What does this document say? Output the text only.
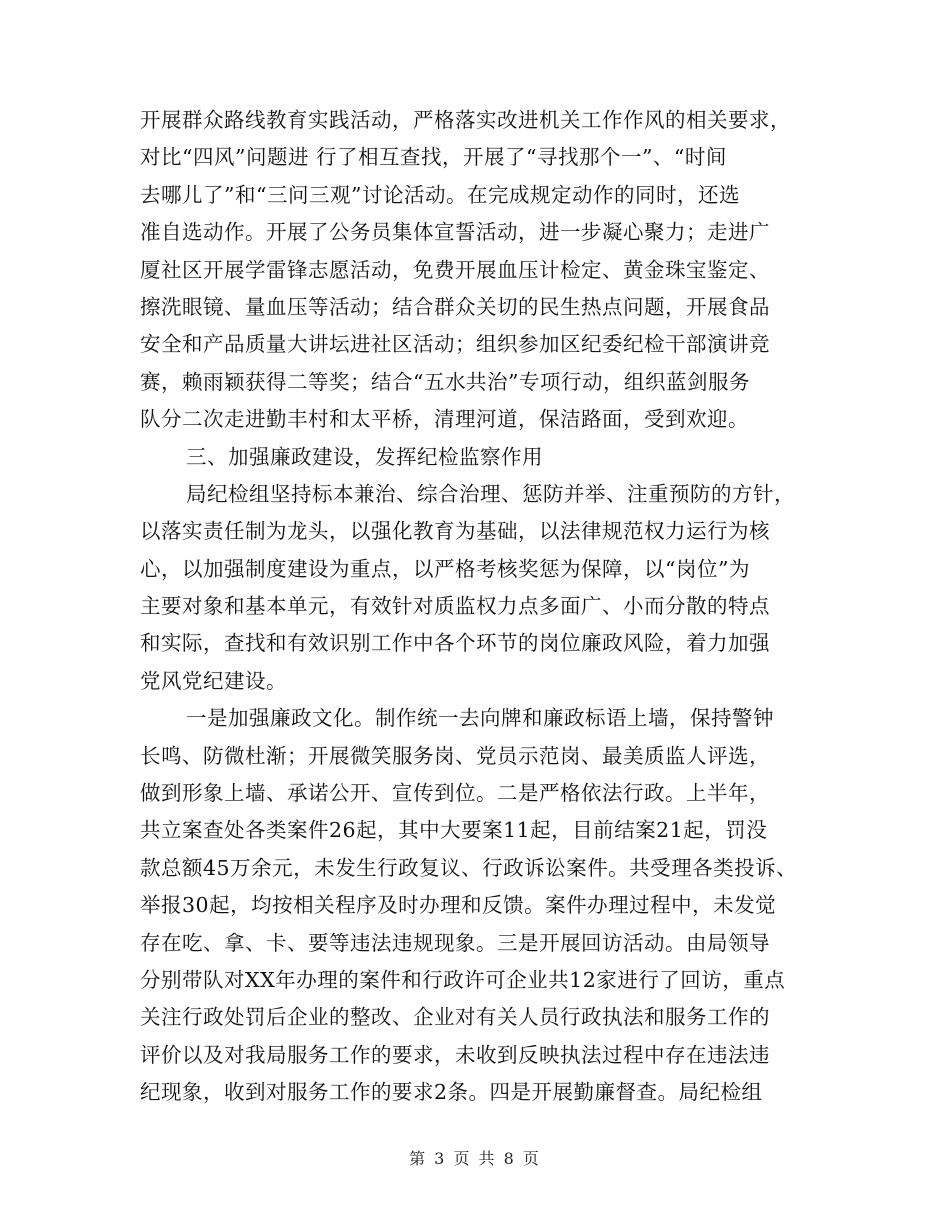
开展群众路线教育实践活动，严格落实改进机关工作作风的相关要求，
对比“四风”问题进 行了相互查找，开展了“寻找那个一”、“时间
去哪儿了”和“三问三观”讨论活动。在完成规定动作的同时，还选
准自选动作。开展了公务员集体宣誓活动，进一步凝心聚力；走进广
厦社区开展学雷锋志愿活动，免费开展血压计检定、黄金珠宝鉴定、
擦洗眼镜、量血压等活动；结合群众关切的民生热点问题，开展食品
安全和产品质量大讲坛进社区活动；组织参加区纪委纪检干部演讲竞
赛，赖雨颖获得二等奖；结合“五水共治”专项行动，组织蓝剑服务
队分二次走进勤丰村和太平桥，清理河道，保洁路面，受到欢迎。
三、加强廉政建设，发挥纪检监察作用
局纪检组坚持标本兼治、综合治理、惩防并举、注重预防的方针，
以落实责任制为龙头，以强化教育为基础，以法律规范权力运行为核
心，以加强制度建设为重点，以严格考核奖惩为保障，以“岗位”为
主要对象和基本单元，有效针对质监权力点多面广、小而分散的特点
和实际，查找和有效识别工作中各个环节的岗位廉政风险，着力加强
党风党纪建设。
一是加强廉政文化。制作统一去向牌和廉政标语上墙，保持警钟
长鸣、防微杜渐；开展微笑服务岗、党员示范岗、最美质监人评选，
做到形象上墙、承诺公开、宣传到位。二是严格依法行政。上半年，
共立案查处各类案件26起，其中大要案11起，目前结案21起，罚没
款总额45万余元，未发生行政复议、行政诉讼案件。共受理各类投诉、
举报30起，均按相关程序及时办理和反馈。案件办理过程中，未发觉
存在吃、拿、卡、要等违法违规现象。三是开展回访活动。由局领导
分别带队对XX年办理的案件和行政许可企业共12家进行了回访，重点
关注行政处罚后企业的整改、企业对有关人员行政执法和服务工作的
评价以及对我局服务工作的要求，未收到反映执法过程中存在违法违
纪现象，收到对服务工作的要求2条。四是开展勤廉督查。局纪检组
第 3 页 共 8 页
